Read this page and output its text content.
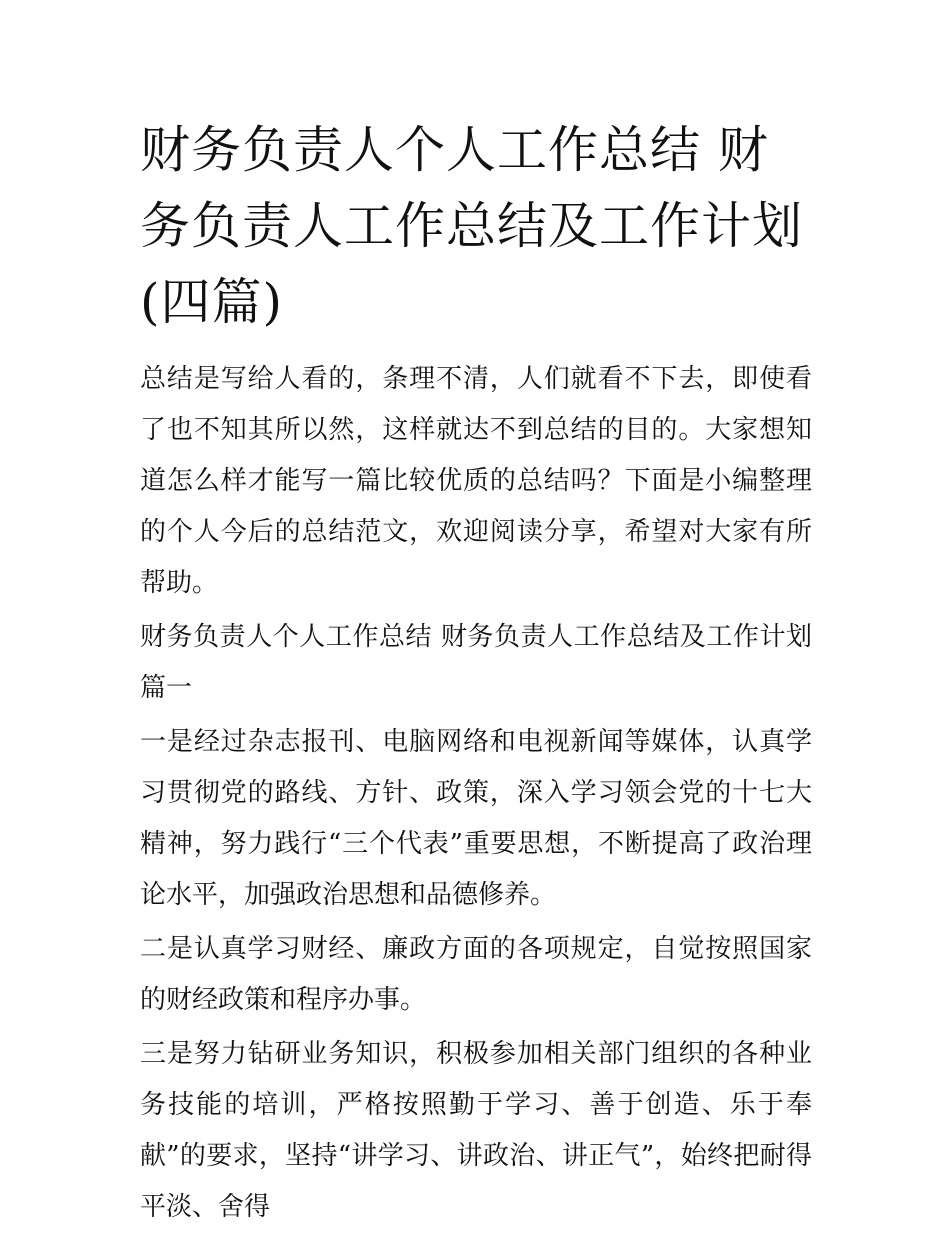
财务负责人个人工作总结 财务负责人工作总结及工作计划(四篇)

总结是写给人看的，条理不清，人们就看不下去，即使看了也不知其所以然，这样就达不到总结的目的。大家想知道怎么样才能写一篇比较优质的总结吗？下面是小编整理的个人今后的总结范文，欢迎阅读分享，希望对大家有所帮助。

财务负责人个人工作总结 财务负责人工作总结及工作计划篇一

一是经过杂志报刊、电脑网络和电视新闻等媒体，认真学习贯彻党的路线、方针、政策，深入学习领会党的十七大精神，努力践行“三个代表”重要思想，不断提高了政治理论水平，加强政治思想和品德修养。

二是认真学习财经、廉政方面的各项规定，自觉按照国家的财经政策和程序办事。

三是努力钻研业务知识，积极参加相关部门组织的各种业务技能的培训，严格按照勤于学习、善于创造、乐于奉献”的要求，坚持“讲学习、讲政治、讲正气”，始终把耐得平淡、舍得
